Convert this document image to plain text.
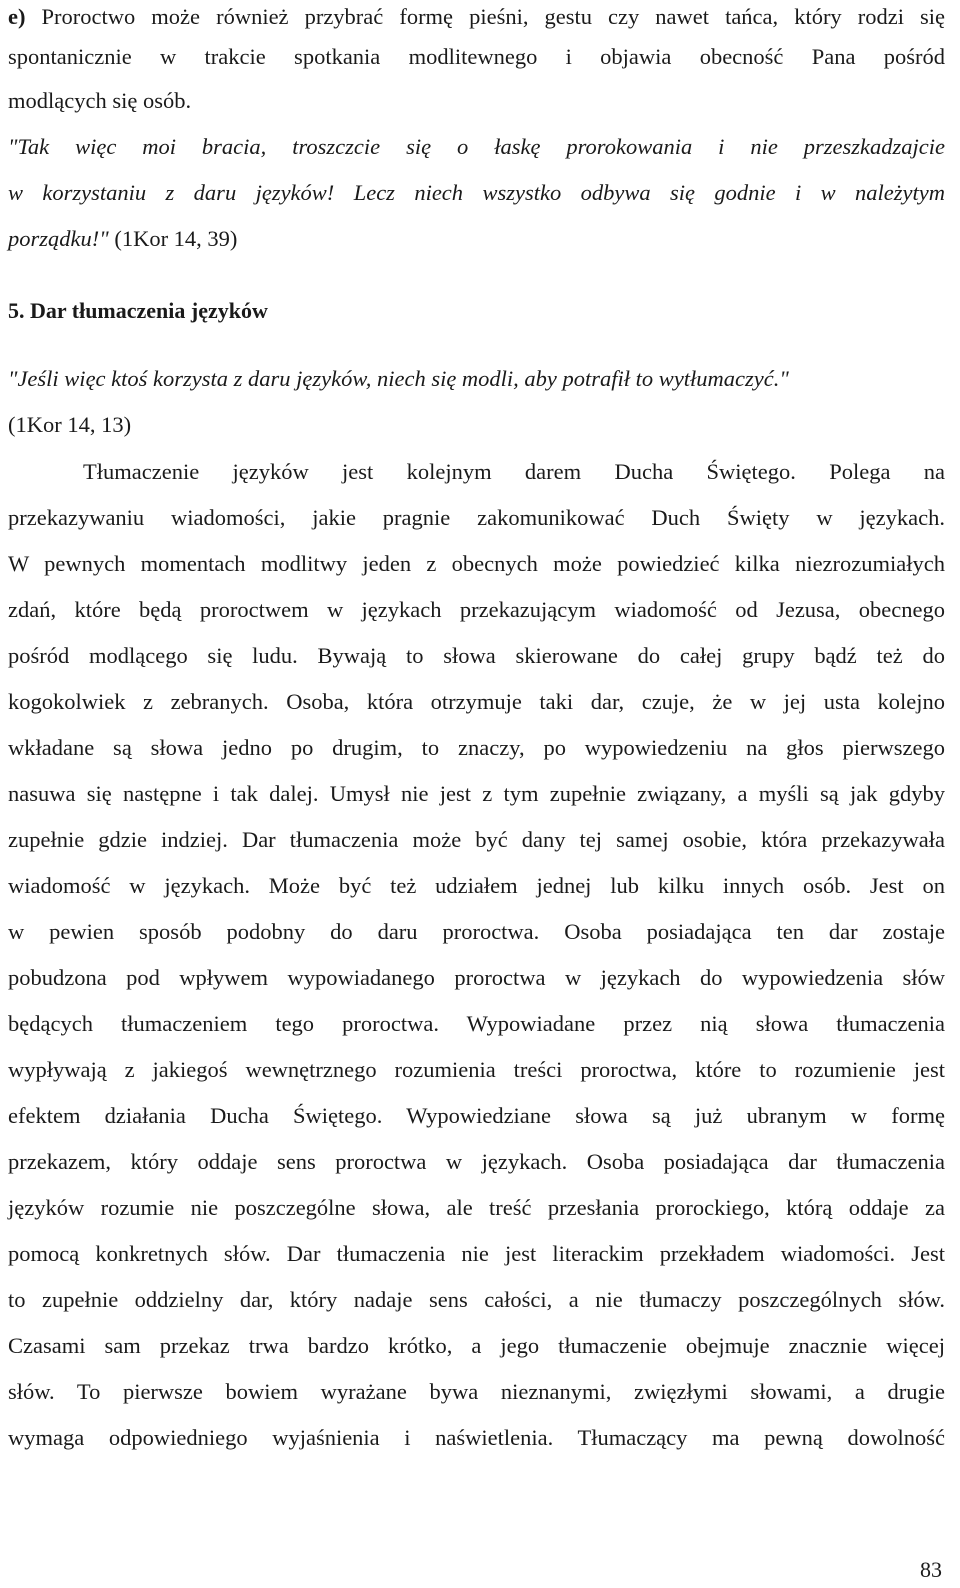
e) Proroctwo może również przybrać formę pieśni, gestu czy nawet tańca, który rodzi się
spontanicznie w trakcie spotkania modlitewnego i objawia obecność Pana pośród
modlących się osób.
"Tak więc moi bracia, troszczcie się o łaskę prorokowania i nie przeszkadzajcie
w korzystaniu z daru języków! Lecz niech wszystko odbywa się godnie i w należytym
porządku!" (1Kor 14, 39)
5. Dar tłumaczenia języków
"Jeśli więc ktoś korzysta z daru języków, niech się modli, aby potrafił to wytłumaczyć."
(1Kor 14, 13)
Tłumaczenie języków jest kolejnym darem Ducha Świętego. Polega na
przekazywaniu wiadomości, jakie pragnie zakomunikować Duch Święty w językach.
W pewnych momentach modlitwy jeden z obecnych może powiedzieć kilka niezrozumiałych
zdań, które będą proroctwem w językach przekazującym wiadomość od Jezusa, obecnego
pośród modlącego się ludu. Bywają to słowa skierowane do całej grupy bądź też do
kogokolwiek z zebranych. Osoba, która otrzymuje taki dar, czuje, że w jej usta kolejno
wkładane są słowa jedno po drugim, to znaczy, po wypowiedzeniu na głos pierwszego
nasuwa się następne i tak dalej. Umysł nie jest z tym zupełnie związany, a myśli są jak gdyby
zupełnie gdzie indziej. Dar tłumaczenia może być dany tej samej osobie, która przekazywała
wiadomość w językach. Może być też udziałem jednej lub kilku innych osób. Jest on
w pewien sposób podobny do daru proroctwa. Osoba posiadająca ten dar zostaje
pobudzona pod wpływem wypowiadanego proroctwa w językach do wypowiedzenia słów
będących tłumaczeniem tego proroctwa. Wypowiadane przez nią słowa tłumaczenia
wypływają z jakiegoś wewnętrznego rozumienia treści proroctwa, które to rozumienie jest
efektem działania Ducha Świętego. Wypowiedziane słowa są już ubranym w formę
przekazem, który oddaje sens proroctwa w językach. Osoba posiadająca dar tłumaczenia
języków rozumie nie poszczególne słowa, ale treść przesłania prorockiego, którą oddaje za
pomocą konkretnych słów. Dar tłumaczenia nie jest literackim przekładem wiadomości. Jest
to zupełnie oddzielny dar, który nadaje sens całości, a nie tłumaczy poszczególnych słów.
Czasami sam przekaz trwa bardzo krótko, a jego tłumaczenie obejmuje znacznie więcej
słów. To pierwsze bowiem wyrażane bywa nieznanymi, zwięzłymi słowami, a drugie
wymaga odpowiedniego wyjaśnienia i naświetlenia. Tłumaczący ma pewną dowolność
83
